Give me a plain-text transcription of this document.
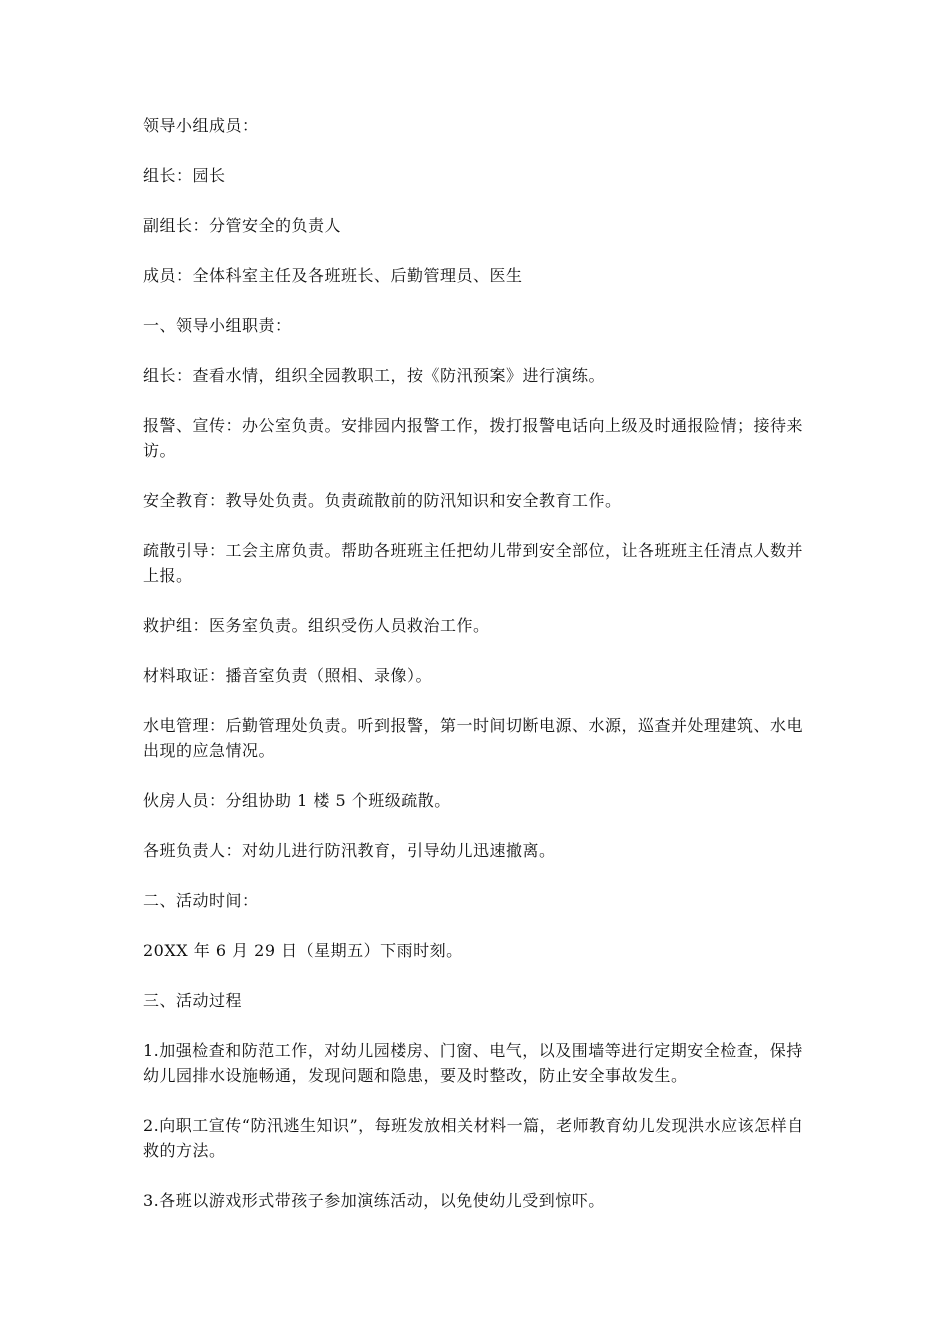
领导小组成员：

组长：园长

副组长：分管安全的负责人

成员：全体科室主任及各班班长、后勤管理员、医生

一、领导小组职责：

组长：查看水情，组织全园教职工，按《防汛预案》进行演练。

报警、宣传：办公室负责。安排园内报警工作，拨打报警电话向上级及时通报险情；接待来访。

安全教育：教导处负责。负责疏散前的防汛知识和安全教育工作。

疏散引导：工会主席负责。帮助各班班主任把幼儿带到安全部位，让各班班主任清点人数并上报。

救护组：医务室负责。组织受伤人员救治工作。

材料取证：播音室负责（照相、录像）。

水电管理：后勤管理处负责。听到报警，第一时间切断电源、水源，巡查并处理建筑、水电出现的应急情况。

伙房人员：分组协助 1 楼 5 个班级疏散。

各班负责人：对幼儿进行防汛教育，引导幼儿迅速撤离。

二、活动时间：

20XX 年 6 月 29 日（星期五）下雨时刻。

三、活动过程

1.加强检查和防范工作，对幼儿园楼房、门窗、电气，以及围墙等进行定期安全检查，保持幼儿园排水设施畅通，发现问题和隐患，要及时整改，防止安全事故发生。

2.向职工宣传“防汛逃生知识”，每班发放相关材料一篇，老师教育幼儿发现洪水应该怎样自救的方法。

3.各班以游戏形式带孩子参加演练活动，以免使幼儿受到惊吓。
